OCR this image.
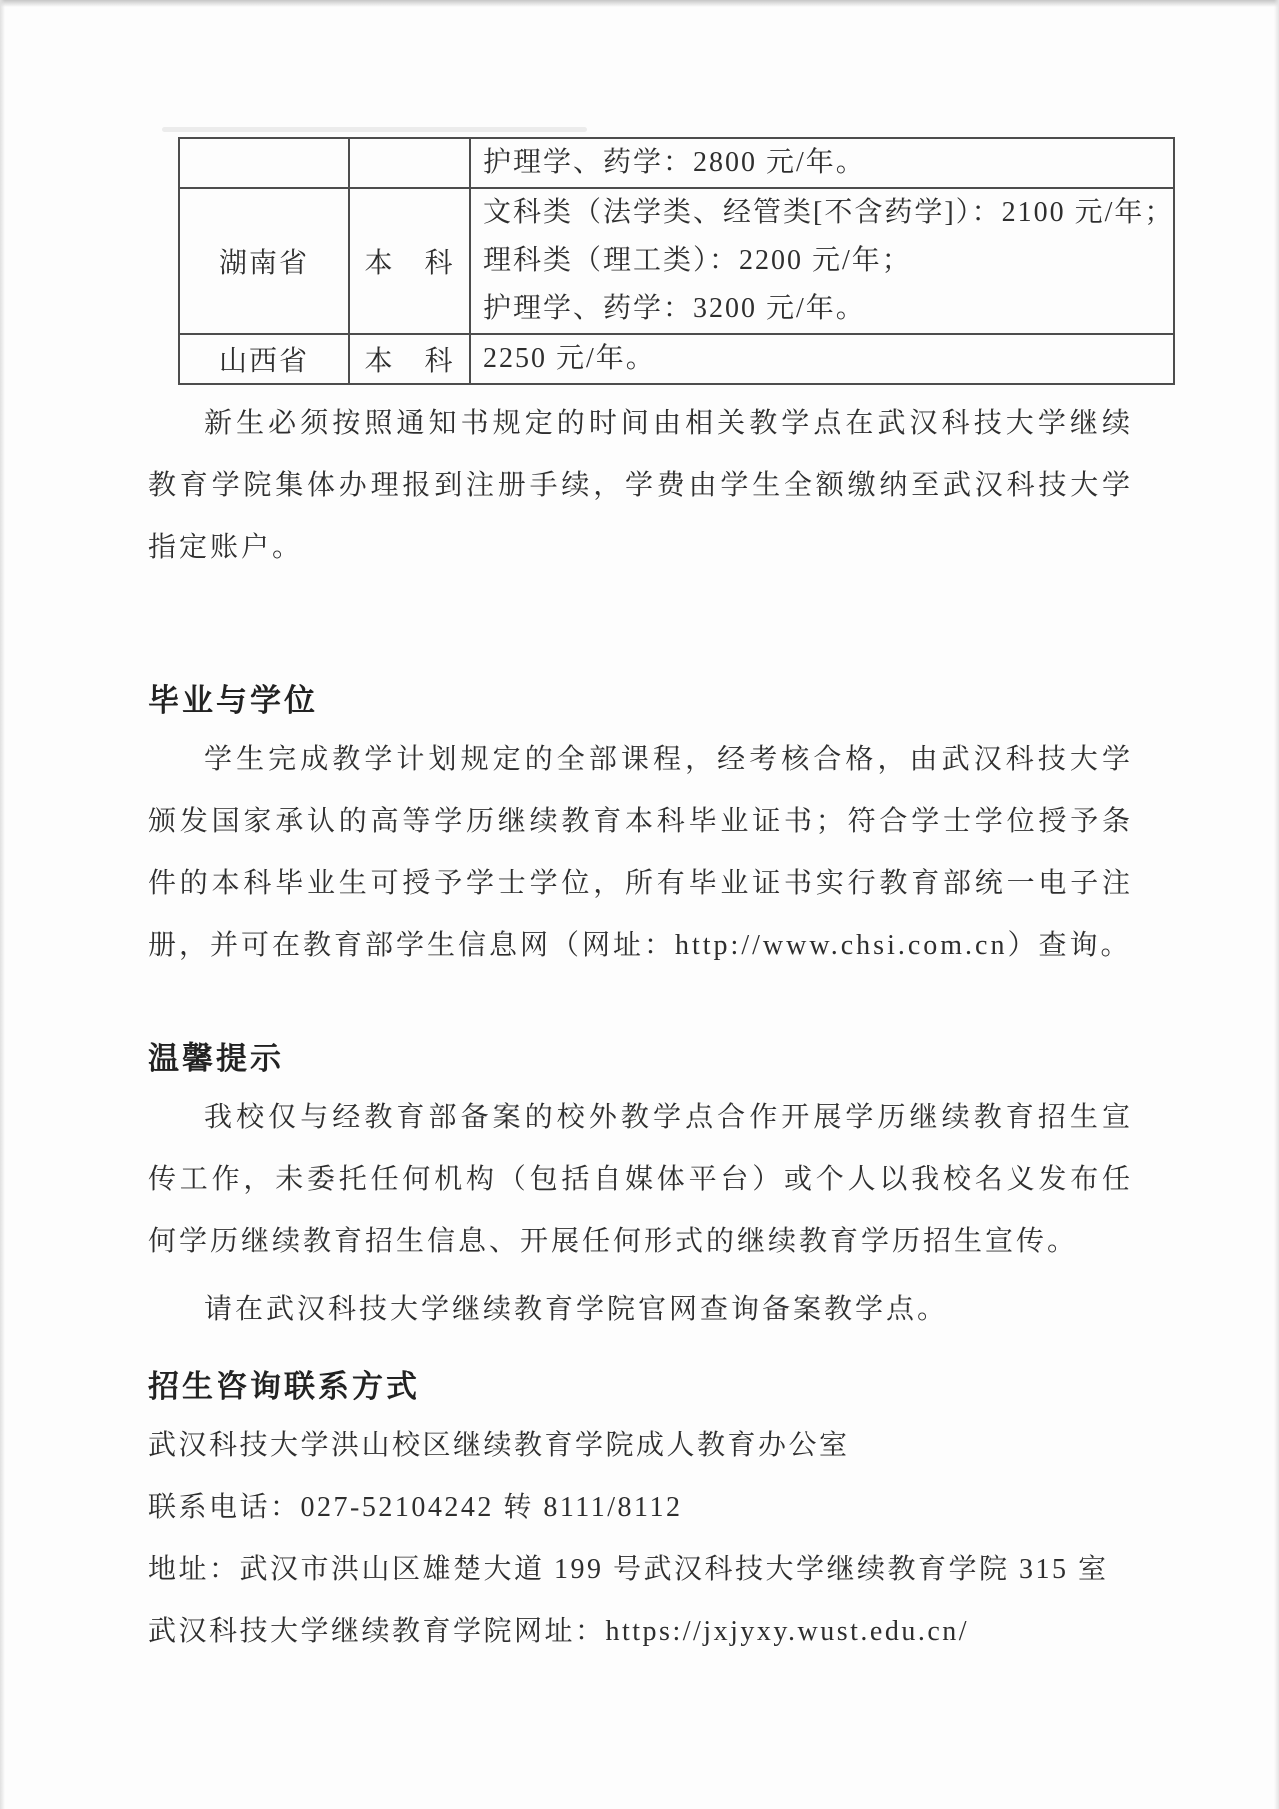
		护理学、药学：2800 元/年。

湖南省	本　科	文科类（法学类、经管类[不含药学]）：2100 元/年；
理科类（理工类）：2200 元/年；
护理学、药学：3200 元/年。

山西省	本　科	2250 元/年。

新生必须按照通知书规定的时间由相关教学点在武汉科技大学继续教育学院集体办理报到注册手续，学费由学生全额缴纳至武汉科技大学指定账户。

毕业与学位

学生完成教学计划规定的全部课程，经考核合格，由武汉科技大学颁发国家承认的高等学历继续教育本科毕业证书；符合学士学位授予条件的本科毕业生可授予学士学位，所有毕业证书实行教育部统一电子注册，并可在教育部学生信息网（网址：http://www.chsi.com.cn）查询。

温馨提示

我校仅与经教育部备案的校外教学点合作开展学历继续教育招生宣传工作，未委托任何机构（包括自媒体平台）或个人以我校名义发布任何学历继续教育招生信息、开展任何形式的继续教育学历招生宣传。

请在武汉科技大学继续教育学院官网查询备案教学点。

招生咨询联系方式
武汉科技大学洪山校区继续教育学院成人教育办公室
联系电话：027-52104242 转 8111/8112
地址：武汉市洪山区雄楚大道 199 号武汉科技大学继续教育学院 315 室
武汉科技大学继续教育学院网址：https://jxjyxy.wust.edu.cn/
